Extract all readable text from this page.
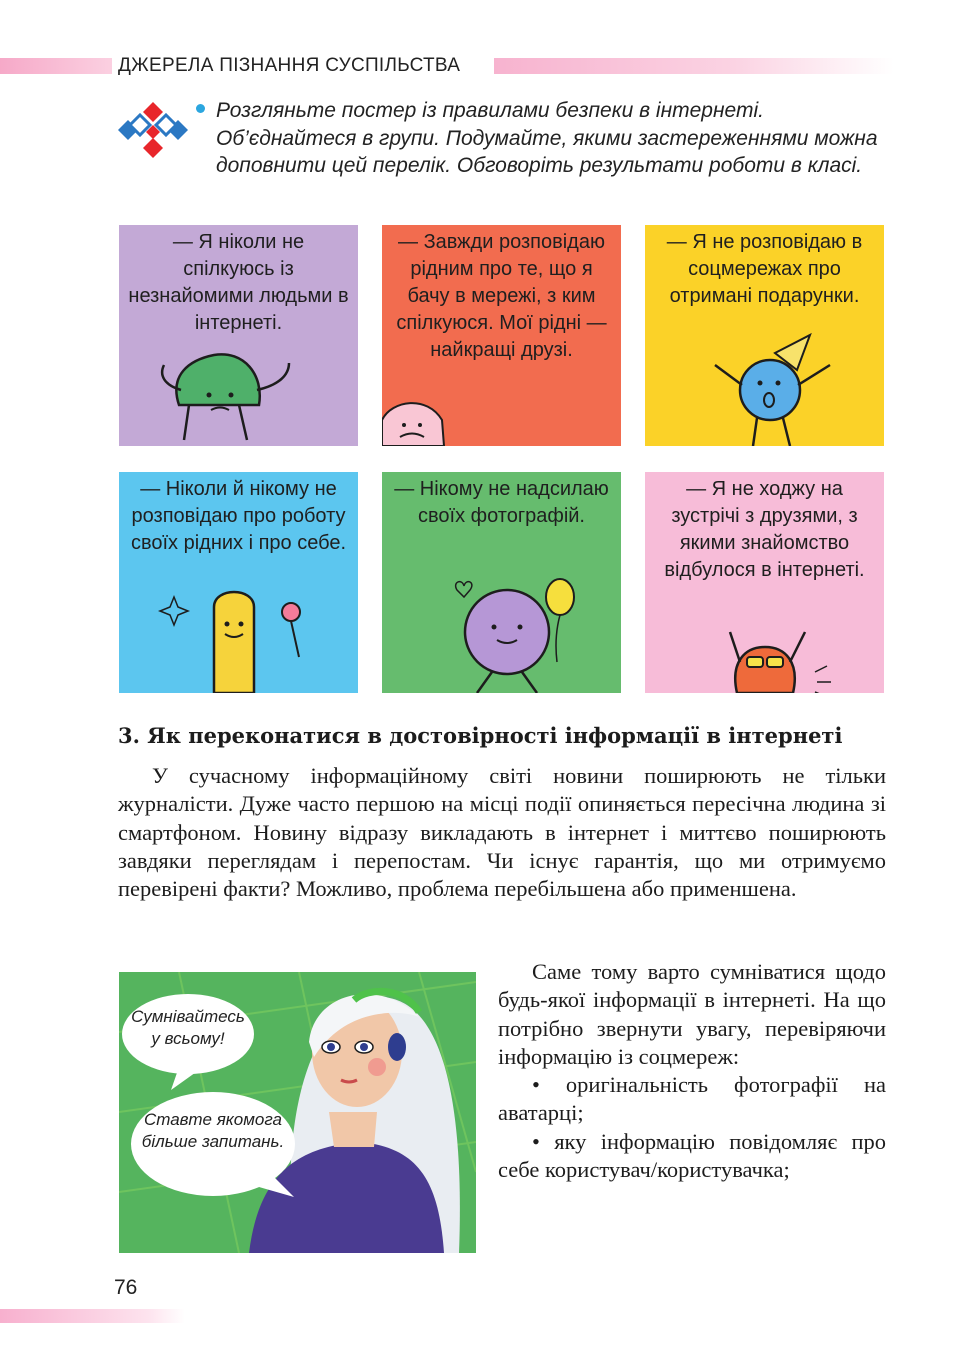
ДЖЕРЕЛА ПІЗНАННЯ СУСПІЛЬСТВА
Розгляньте постер із правилами безпеки в інтернеті. Об’єднайтеся в групи. Подумайте, якими застереженнями можна доповнити цей перелік. Обговоріть результати роботи в класі.
— Я ніколи не спілкуюсь із незнайомими людьми в інтернеті.
— Завжди розповідаю рідним про те, що я бачу в мережі, з ким спілкуюся. Мої рідні — найкращі друзі.
— Я не розповідаю в соцмережах про отримані подарунки.
— Ніколи й нікому не розповідаю про роботу своїх рідних і про себе.
— Нікому не надсилаю своїх фотографій.
— Я не ходжу на зустрічі з друзями, з якими знайомство відбулося в інтернеті.
3. Як переконатися в достовірності інформації в інтернеті
У сучасному інформаційному світі новини поширюють не тільки журналісти. Дуже часто першою на місці події опиняється пересічна людина зі смартфоном. Новину відразу викладають в інтернет і миттєво поширюють завдяки переглядам і перепостам. Чи існує гарантія, що ми отримуємо перевірені факти? Можливо, проблема перебільшена або применшена.
Сумнівайтесь у всьому!
Ставте якомога більше запитань.

Саме тому варто сумніватися щодо будь-якої інформації в інтернеті. На що потрібно звернути увагу, перевіряючи інформацію із соцмереж:

• оригінальність фотографії на аватарці;

• яку інформацію повідомляє про себе користувач/користувачка;

76
